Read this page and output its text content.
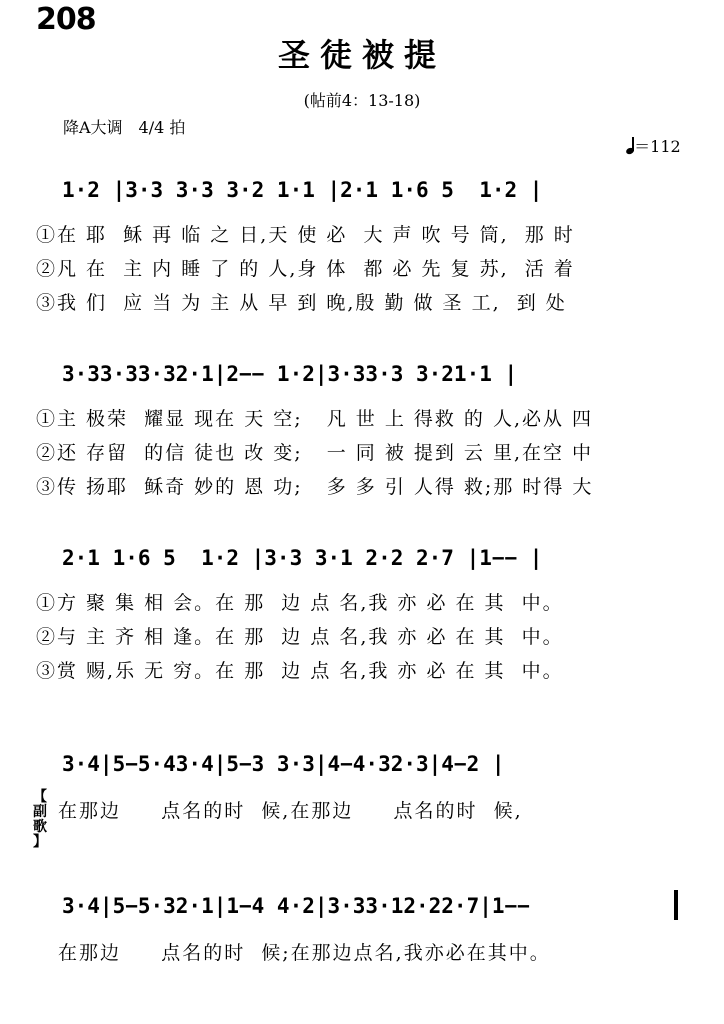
208
圣徒被提
(帖前4：13-18)
降A大调　4/4 拍

＝112

1·2 |3·3 3·3 3·2 1·1 |2·1 1·6 5  1·2 |
①在 耶  稣 再 临 之 日,天 使 必  大 声 吹 号 筒,  那 时
②凡 在  主 内 睡 了 的 人,身 体  都 必 先 复 苏,  活 着
③我 们  应 当 为 主 从 早 到 晚,殷 勤 做 圣 工,  到 处
3·33·33·32·1|2−− 1·2|3·33·3 3·21·1 |
①主 极荣  耀显 现在 天 空;   凡 世 上 得救 的 人,必从 四
②还 存留  的信 徒也 改 变;   一 同 被 提到 云 里,在空 中
③传 扬耶  稣奇 妙的 恩 功;   多 多 引 人得 救;那 时得 大
2·1 1·6 5  1·2 |3·3 3·1 2·2 2·7 |1−− |
①方 聚 集 相 会。在 那  边 点 名,我 亦 必 在 其  中。
②与 主 齐 相 逢。在 那  边 点 名,我 亦 必 在 其  中。
③赏 赐,乐 无 穷。在 那  边 点 名,我 亦 必 在 其  中。
3·4|5−5·43·4|5−3 3·3|4−4·32·3|4−2 |
【
副
歌
】
在那边     点名的时  候,在那边     点名的时  候,
3·4|5−5·32·1|1−4 4·2|3·33·12·22·7|1−−
在那边     点名的时  候;在那边点名,我亦必在其中。
